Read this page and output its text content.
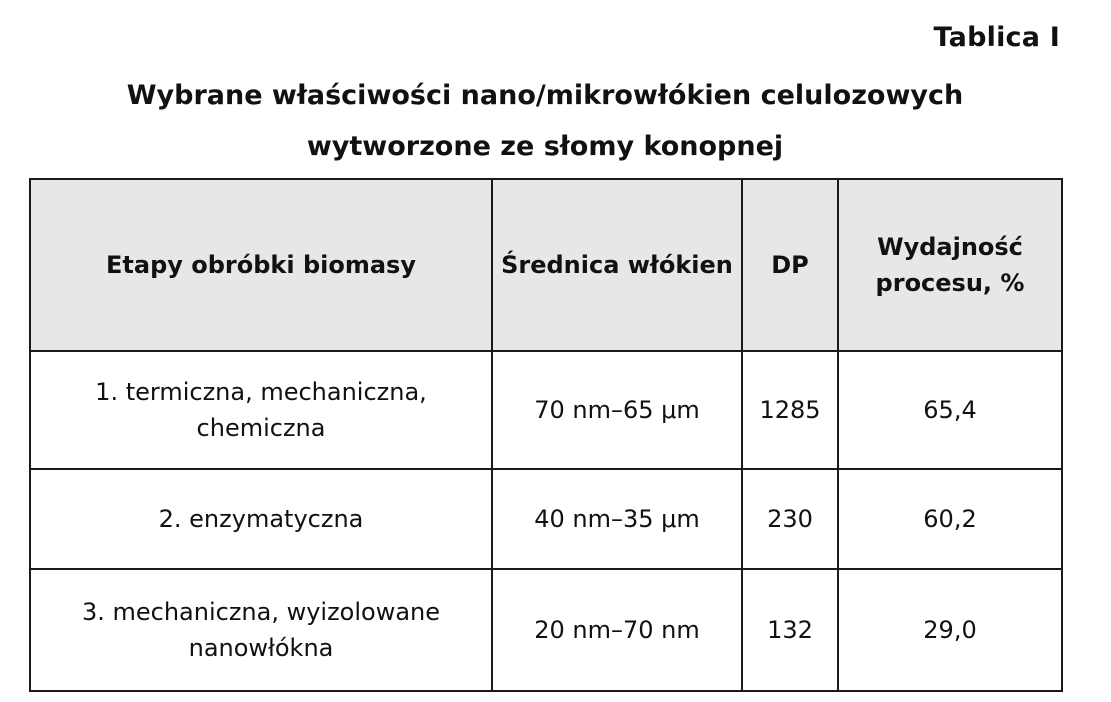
Tablica I
Wybrane właściwości nano/mikrowłókien celulozowych
wytworzone ze słomy konopnej
Etapy obróbki biomasy	Średnica włókien	DP	Wydajność
procesu, %

1. termiczna, mechaniczna,
chemiczna	70 nm–65 μm	1285	65,4

2. enzymatyczna	40 nm–35 μm	230	60,2

3. mechaniczna, wyizolowane
nanowłókna	20 nm–70 nm	132	29,0
